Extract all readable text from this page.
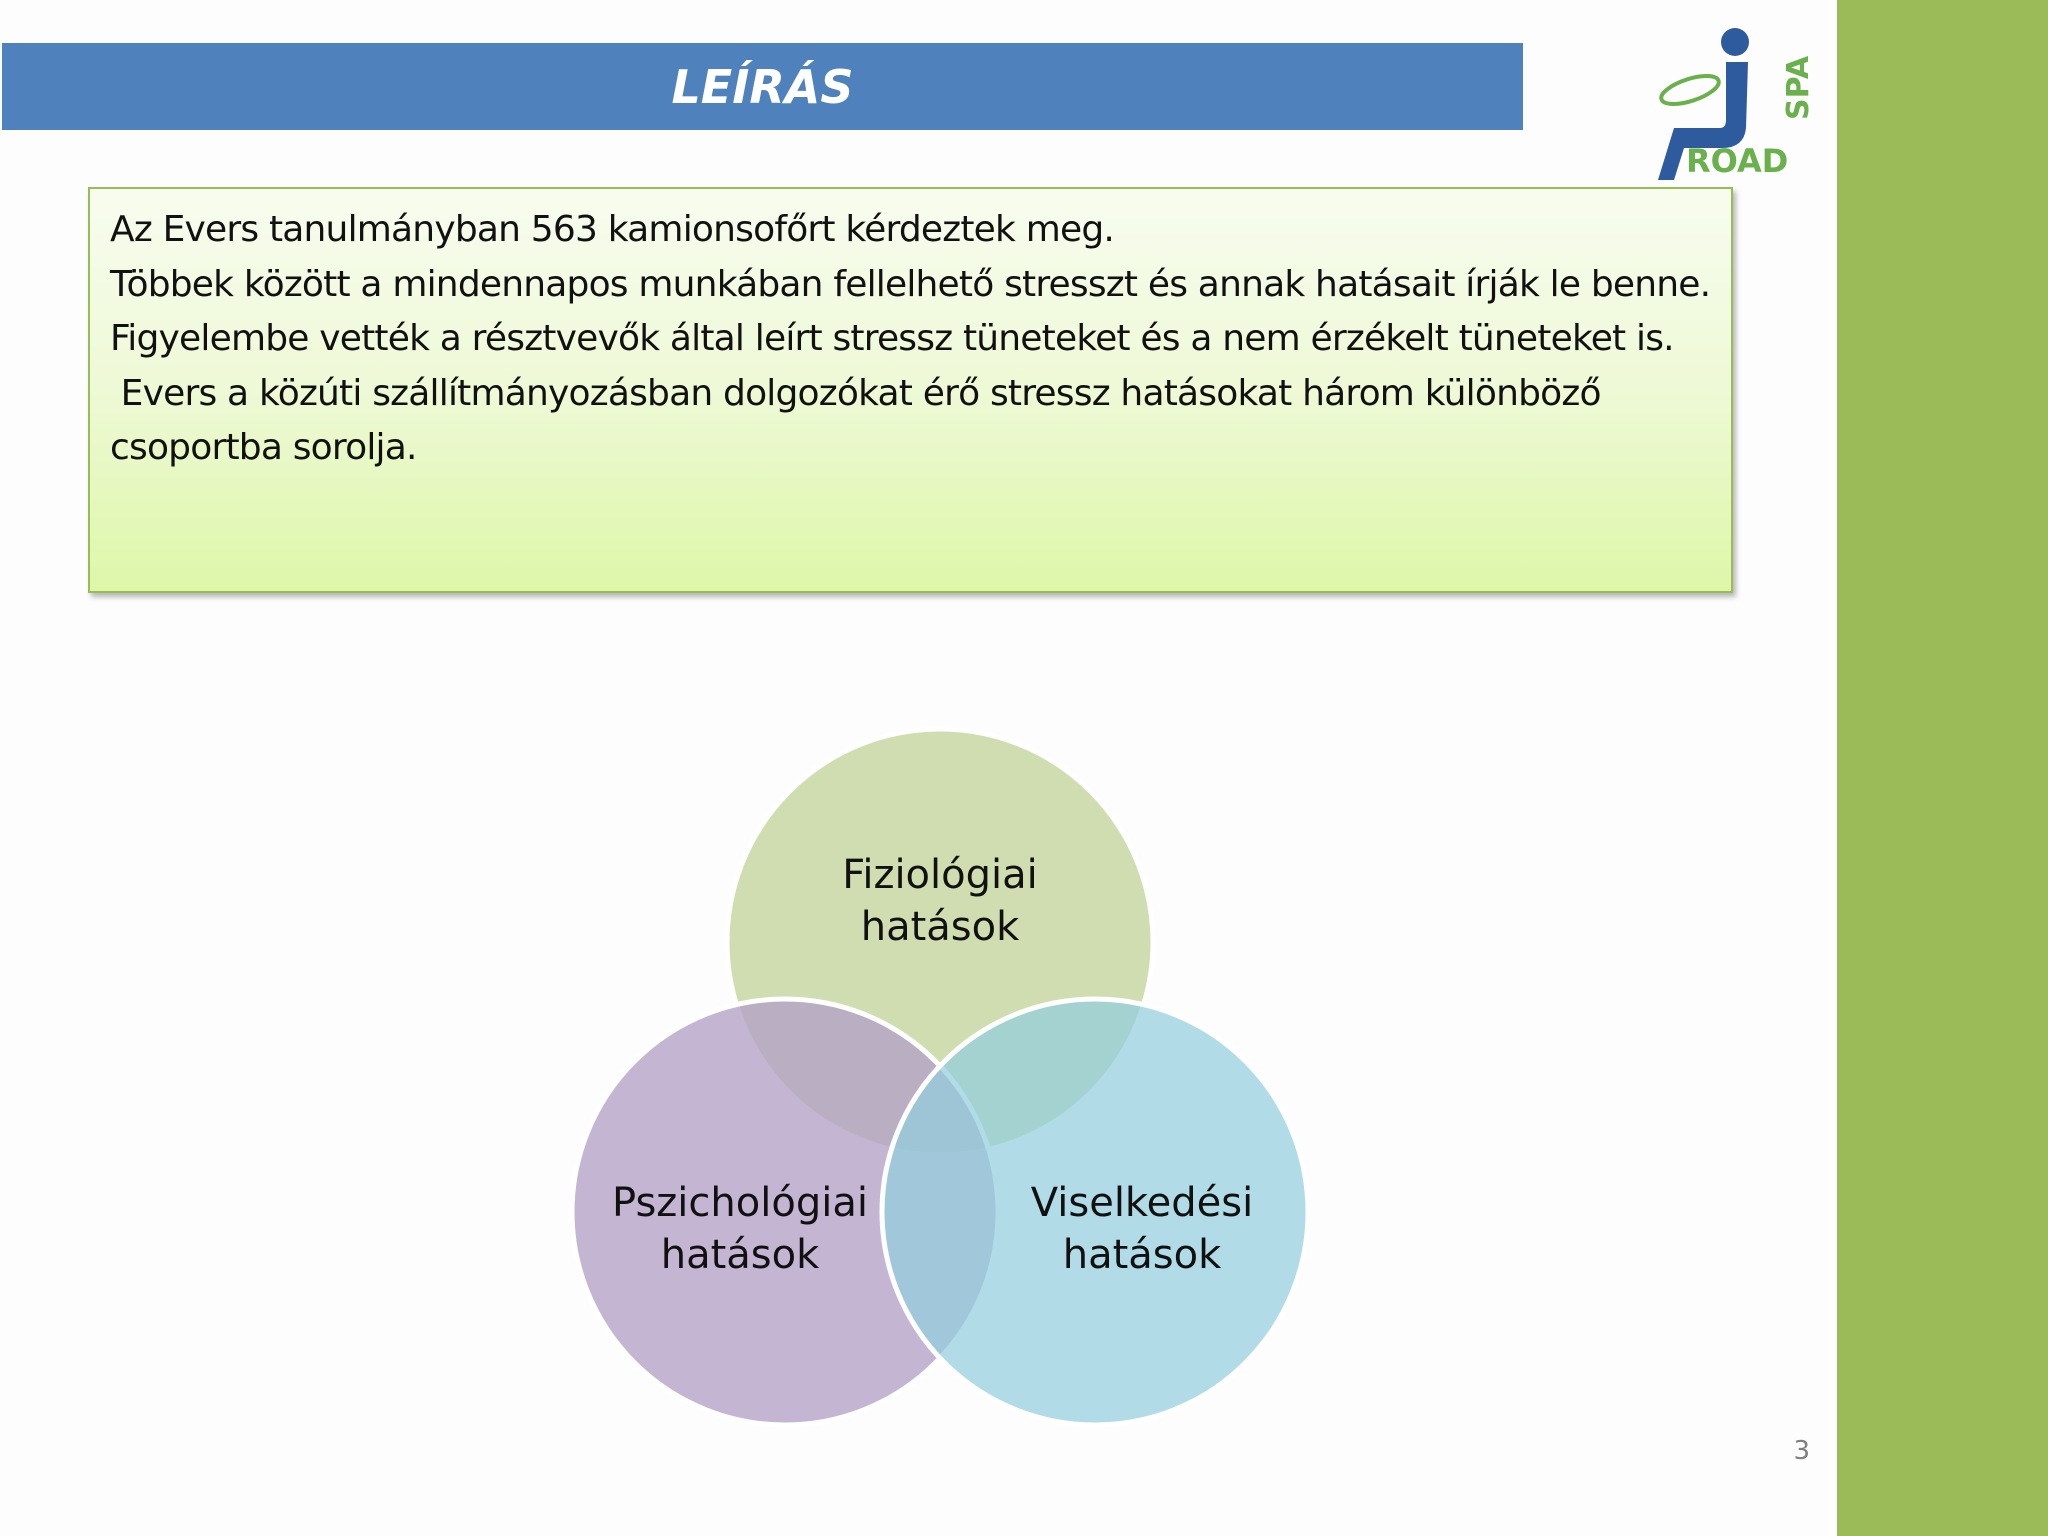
LEÍRÁS	SPA
ROAD

Az Evers tanulmányban 563 kamionsofőrt kérdeztek meg.

Többek között a mindennapos munkában fellelhető stresszt és annak hatásait írják le benne.

Figyelembe vették a résztvevők által leírt stressz tüneteket és a nem érzékelt tüneteket is.

Evers a közúti szállítmányozásban dolgozókat érő stressz hatásokat három különböző csoportba sorolja.

Fiziológiai
hatások
Pszichológiai
hatások
Viselkedési
hatások
3
